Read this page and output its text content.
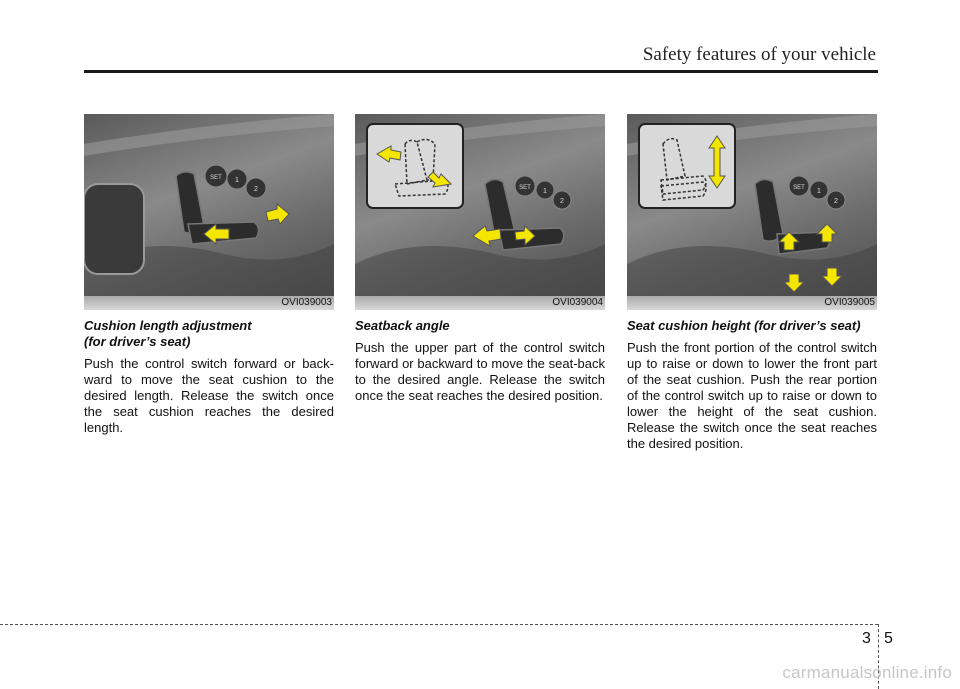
Safety features of your vehicle
SET 1
2
OVI039003
Cushion length adjustment
(for driver’s seat)
Push the control switch forward or back-ward to move the seat cushion to the desired length. Release the switch once the seat cushion reaches the desired length.
SET 1
2
OVI039004
Seatback angle
Push the upper part of the control switch forward or backward to move the seat-back to the desired angle. Release the switch once the seat reaches the desired position.
SET 1
2
OVI039005
Seat cushion height (for driver’s seat)
Push the front portion of the control switch up to raise or down to lower the front part of the seat cushion. Push the rear portion of the control switch up to raise or down to lower the height of the seat cushion. Release the switch once the seat reaches the desired position.
3 5
carmanualsonline.info
